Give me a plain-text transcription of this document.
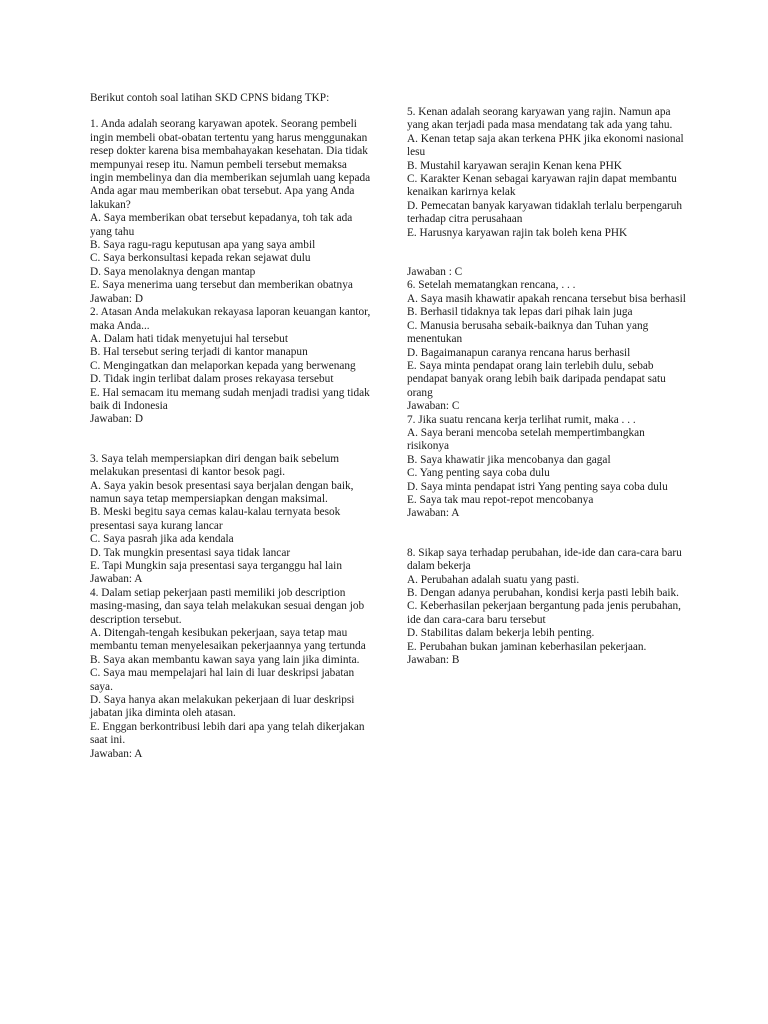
Berikut contoh soal latihan SKD CPNS bidang TKP:

1. Anda adalah seorang karyawan apotek. Seorang pembeli ingin membeli obat-obatan tertentu yang harus menggunakan resep dokter karena bisa membahayakan kesehatan. Dia tidak mempunyai resep itu. Namun pembeli tersebut memaksa ingin membelinya dan dia memberikan sejumlah uang kepada Anda agar mau memberikan obat tersebut. Apa yang Anda lakukan?

A. Saya memberikan obat tersebut kepadanya, toh tak ada yang tahu
B. Saya ragu-ragu keputusan apa yang saya ambil
C. Saya berkonsultasi kepada rekan sejawat dulu
D. Saya menolaknya dengan mantap
E. Saya menerima uang tersebut dan memberikan obatnya

Jawaban: D

2. Atasan Anda melakukan rekayasa laporan keuangan kantor, maka Anda...

A. Dalam hati tidak menyetujui hal tersebut
B. Hal tersebut sering terjadi di kantor manapun
C. Mengingatkan dan melaporkan kepada yang berwenang
D. Tidak ingin terlibat dalam proses rekayasa tersebut
E. Hal semacam itu memang sudah menjadi tradisi yang tidak baik di Indonesia

Jawaban: D

3. Saya telah mempersiapkan diri dengan baik sebelum melakukan presentasi di kantor besok pagi.

A. Saya yakin besok presentasi saya berjalan dengan baik, namun saya tetap mempersiapkan dengan maksimal.
B. Meski begitu saya cemas kalau-kalau ternyata besok presentasi saya kurang lancar
C. Saya pasrah jika ada kendala
D. Tak mungkin presentasi saya tidak lancar
E. Tapi Mungkin saja presentasi saya terganggu hal lain

Jawaban: A

4. Dalam setiap pekerjaan pasti memiliki job description masing-masing, dan saya telah melakukan sesuai dengan job description tersebut.

A. Ditengah-tengah kesibukan pekerjaan, saya tetap mau membantu teman menyelesaikan pekerjaannya yang tertunda
B. Saya akan membantu kawan saya yang lain jika diminta.
C. Saya mau mempelajari hal lain di luar deskripsi jabatan saya.
D. Saya hanya akan melakukan pekerjaan di luar deskripsi jabatan jika diminta oleh atasan.
E. Enggan berkontribusi lebih dari apa yang telah dikerjakan saat ini.

Jawaban: A

5. Kenan adalah seorang karyawan yang rajin. Namun apa yang akan terjadi pada masa mendatang tak ada yang tahu.

A. Kenan tetap saja akan terkena PHK jika ekonomi nasional lesu
B. Mustahil karyawan serajin Kenan kena PHK
C. Karakter Kenan sebagai karyawan rajin dapat membantu kenaikan karirnya kelak
D. Pemecatan banyak karyawan tidaklah terlalu berpengaruh terhadap citra perusahaan
E. Harusnya karyawan rajin tak boleh kena PHK

Jawaban : C

6. Setelah mematangkan rencana, . . .

A. Saya masih khawatir apakah rencana tersebut bisa berhasil
B. Berhasil tidaknya tak lepas dari pihak lain juga
C. Manusia berusaha sebaik-baiknya dan Tuhan yang menentukan
D. Bagaimanapun caranya rencana harus berhasil
E. Saya minta pendapat orang lain terlebih dulu, sebab pendapat banyak orang lebih baik daripada pendapat satu orang

Jawaban: C

7. Jika suatu rencana kerja terlihat rumit, maka . . .

A. Saya berani mencoba setelah mempertimbangkan risikonya
B. Saya khawatir jika mencobanya dan gagal
C. Yang penting saya coba dulu
D. Saya minta pendapat istri Yang penting saya coba dulu
E. Saya tak mau repot-repot mencobanya

Jawaban: A

8. Sikap saya terhadap perubahan, ide-ide dan cara-cara baru dalam bekerja

A. Perubahan adalah suatu yang pasti.
B. Dengan adanya perubahan, kondisi kerja pasti lebih baik.
C. Keberhasilan pekerjaan bergantung pada jenis perubahan, ide dan cara-cara baru tersebut
D. Stabilitas dalam bekerja lebih penting.
E. Perubahan bukan jaminan keberhasilan pekerjaan.

Jawaban: B
